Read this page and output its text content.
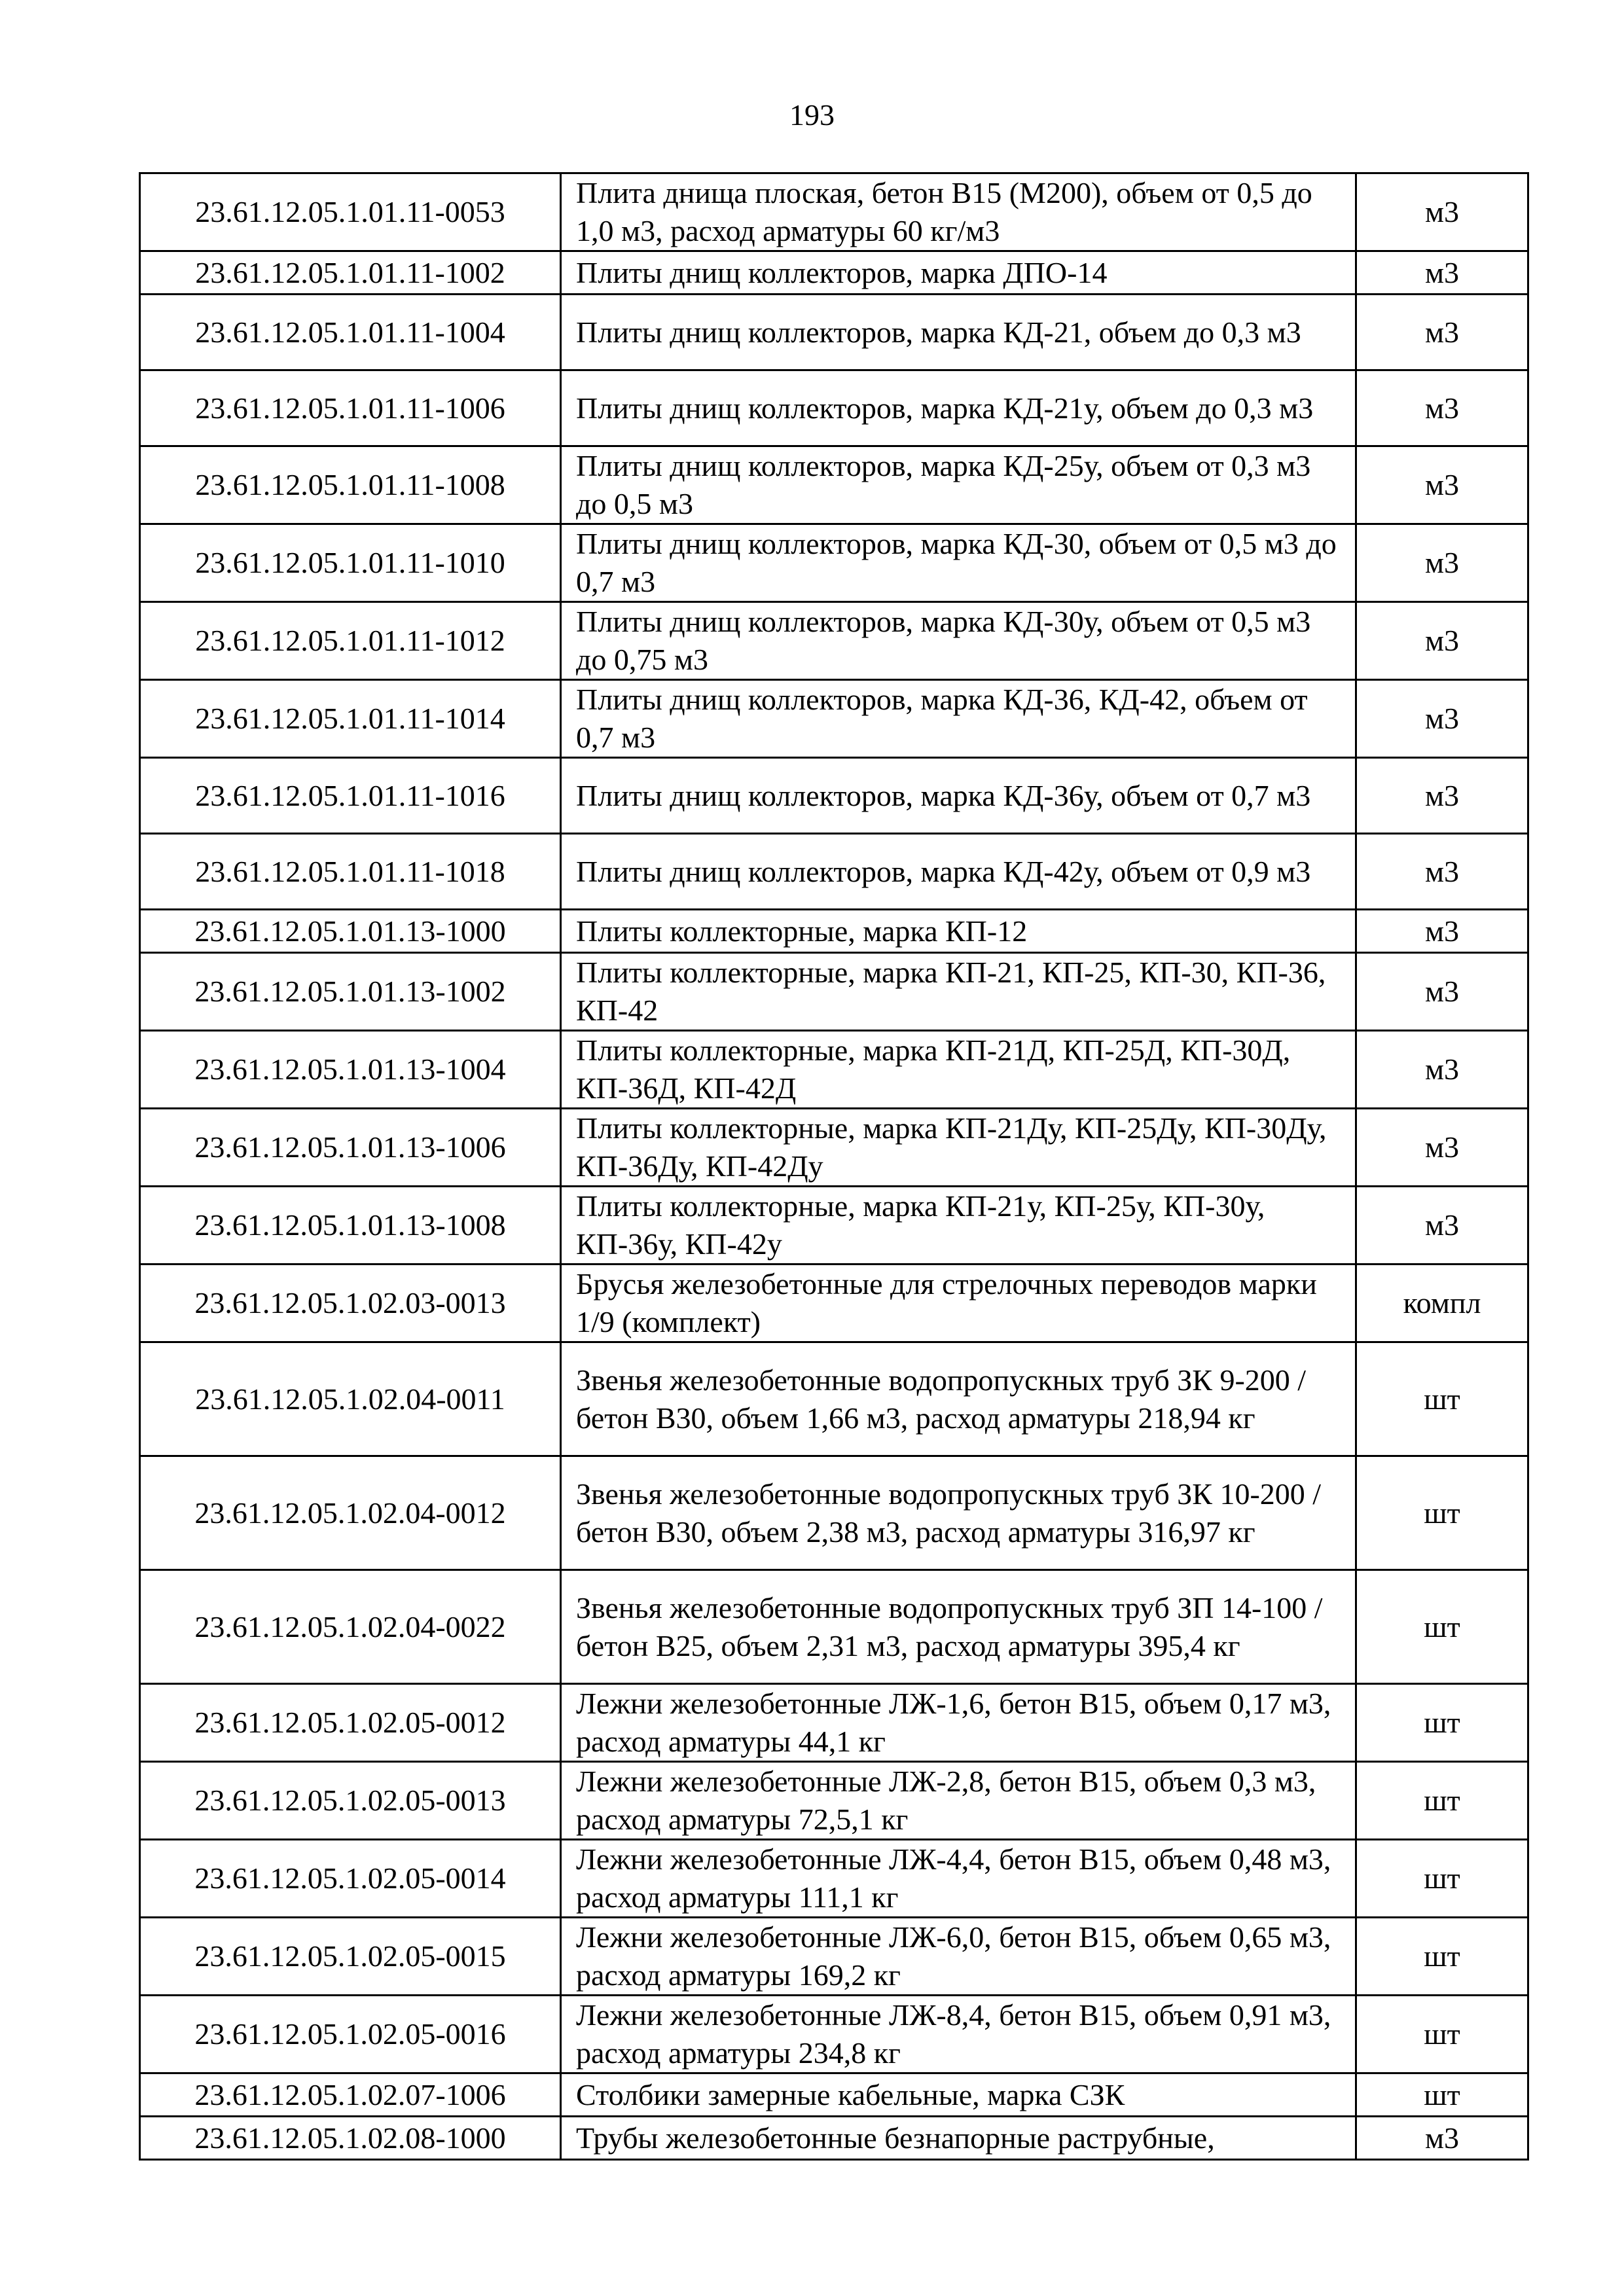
193
23.61.12.05.1.01.11-0053	Плита днища плоская, бетон В15 (М200), объем от 0,5 до 1,0 м3, расход арматуры 60 кг/м3	м3
23.61.12.05.1.01.11-1002	Плиты днищ коллекторов, марка ДПО-14	м3
23.61.12.05.1.01.11-1004	Плиты днищ коллекторов, марка КД-21, объем до 0,3 м3	м3
23.61.12.05.1.01.11-1006	Плиты днищ коллекторов, марка КД-21у, объем до 0,3 м3	м3
23.61.12.05.1.01.11-1008	Плиты днищ коллекторов, марка КД-25у, объем от 0,3 м3 до 0,5 м3	м3
23.61.12.05.1.01.11-1010	Плиты днищ коллекторов, марка КД-30, объем от 0,5 м3 до 0,7 м3	м3
23.61.12.05.1.01.11-1012	Плиты днищ коллекторов, марка КД-30у, объем от 0,5 м3 до 0,75 м3	м3
23.61.12.05.1.01.11-1014	Плиты днищ коллекторов, марка КД-36, КД-42, объем от 0,7 м3	м3
23.61.12.05.1.01.11-1016	Плиты днищ коллекторов, марка КД-36у, объем от 0,7 м3	м3
23.61.12.05.1.01.11-1018	Плиты днищ коллекторов, марка КД-42у, объем от 0,9 м3	м3
23.61.12.05.1.01.13-1000	Плиты коллекторные, марка КП-12	м3
23.61.12.05.1.01.13-1002	Плиты коллекторные, марка КП-21, КП-25, КП-30, КП-36, КП-42	м3
23.61.12.05.1.01.13-1004	Плиты коллекторные, марка КП-21Д, КП-25Д, КП-30Д, КП-36Д, КП-42Д	м3
23.61.12.05.1.01.13-1006	Плиты коллекторные, марка КП-21Ду, КП-25Ду, КП-30Ду, КП-36Ду, КП-42Ду	м3
23.61.12.05.1.01.13-1008	Плиты коллекторные, марка КП-21у, КП-25у, КП-30у, КП-36у, КП-42у	м3
23.61.12.05.1.02.03-0013	Брусья железобетонные для стрелочных переводов марки 1/9 (комплект)	компл
23.61.12.05.1.02.04-0011	Звенья железобетонные водопропускных труб ЗК 9-200 /бетон В30, объем 1,66 м3, расход арматуры 218,94 кг	шт
23.61.12.05.1.02.04-0012	Звенья железобетонные водопропускных труб ЗК 10-200 /бетон В30, объем 2,38 м3, расход арматуры 316,97 кг	шт
23.61.12.05.1.02.04-0022	Звенья железобетонные водопропускных труб ЗП 14-100 /бетон В25, объем 2,31 м3, расход арматуры 395,4 кг	шт
23.61.12.05.1.02.05-0012	Лежни железобетонные ЛЖ-1,6, бетон В15, объем 0,17 м3, расход арматуры 44,1 кг	шт
23.61.12.05.1.02.05-0013	Лежни железобетонные ЛЖ-2,8, бетон В15, объем 0,3 м3, расход арматуры 72,5,1 кг	шт
23.61.12.05.1.02.05-0014	Лежни железобетонные ЛЖ-4,4, бетон В15, объем 0,48 м3, расход арматуры 111,1 кг	шт
23.61.12.05.1.02.05-0015	Лежни железобетонные ЛЖ-6,0, бетон В15, объем 0,65 м3, расход арматуры 169,2 кг	шт
23.61.12.05.1.02.05-0016	Лежни железобетонные ЛЖ-8,4, бетон В15, объем 0,91 м3, расход арматуры 234,8 кг	шт
23.61.12.05.1.02.07-1006	Столбики замерные кабельные, марка СЗК	шт
23.61.12.05.1.02.08-1000	Трубы железобетонные безнапорные раструбные,	м3
